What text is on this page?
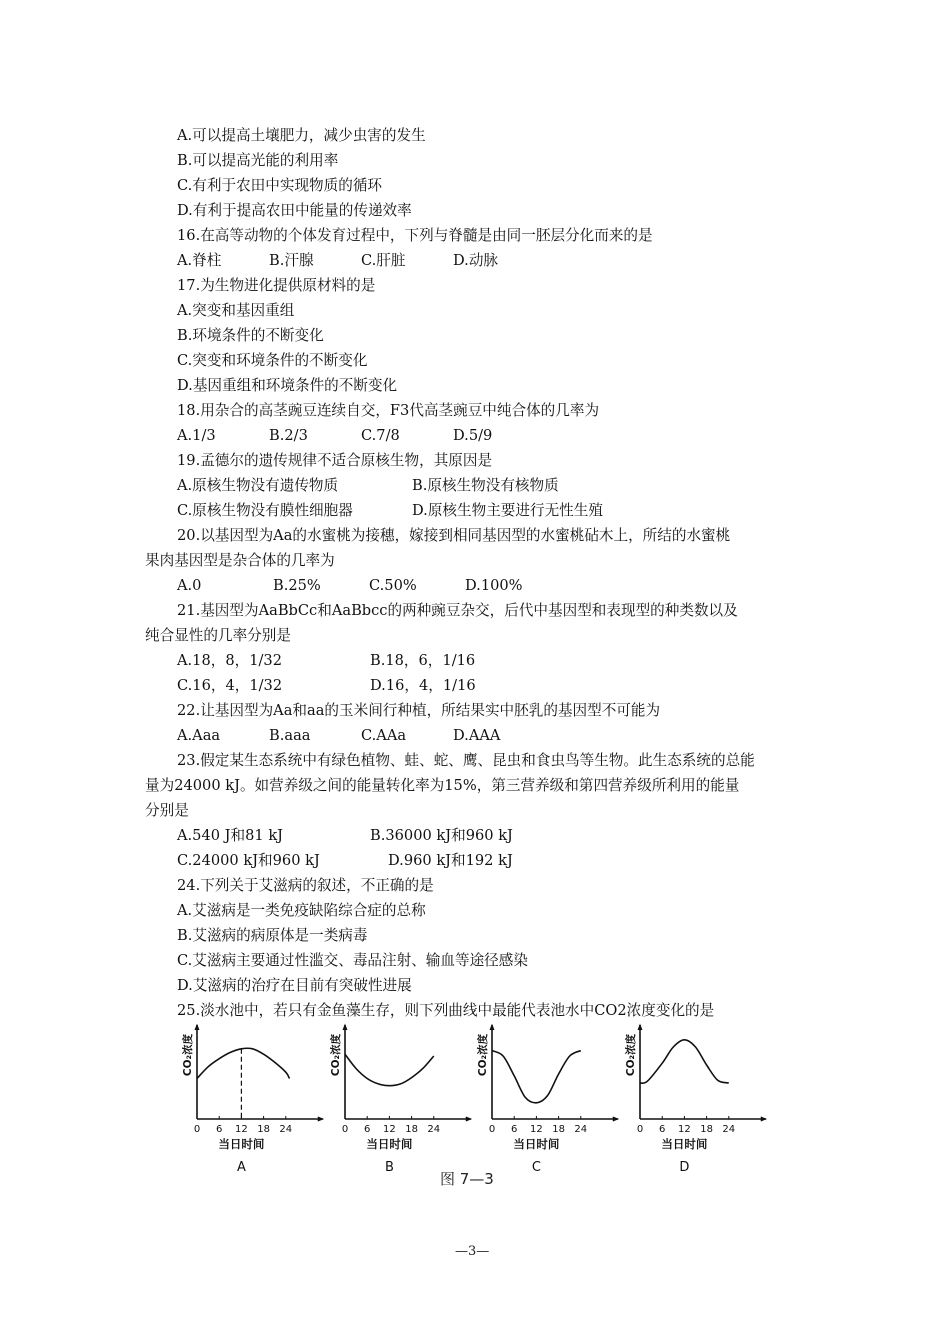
A.可以提高土壤肥力，减少虫害的发生
B.可以提高光能的利用率
C.有利于农田中实现物质的循环
D.有利于提高农田中能量的传递效率
16.在高等动物的个体发育过程中，下列与脊髓是由同一胚层分化而来的是
A.脊柱	B.汗腺	C.肝脏	D.动脉
17.为生物进化提供原材料的是
A.突变和基因重组
B.环境条件的不断变化
C.突变和环境条件的不断变化
D.基因重组和环境条件的不断变化
18.用杂合的高茎豌豆连续自交，F3代高茎豌豆中纯合体的几率为
A.1/3	B.2/3	C.7/8	D.5/9
19.孟德尔的遗传规律不适合原核生物，其原因是
A.原核生物没有遗传物质	B.原核生物没有核物质
C.原核生物没有膜性细胞器	D.原核生物主要进行无性生殖
20.以基因型为Aa的水蜜桃为接穗，嫁接到相同基因型的水蜜桃砧木上，所结的水蜜桃
果肉基因型是杂合体的几率为
A.0	B.25%	C.50%	D.100%
21.基因型为AaBbCc和AaBbcc的两种豌豆杂交，后代中基因型和表现型的种类数以及
纯合显性的几率分别是
A.18，8，1/32	B.18，6，1/16
C.16，4，1/32	D.16，4，1/16
22.让基因型为Aa和aa的玉米间行种植，所结果实中胚乳的基因型不可能为
A.Aaa	B.aaa	C.AAa	D.AAA
23.假定某生态系统中有绿色植物、蛙、蛇、鹰、昆虫和食虫鸟等生物。此生态系统的总能
量为24000 kJ。如营养级之间的能量转化率为15%，第三营养级和第四营养级所利用的能量
分别是
A.540 J和81 kJ	B.36000 kJ和960 kJ
C.24000 kJ和960 kJ	D.960 kJ和192 kJ
24.下列关于艾滋病的叙述，不正确的是
A.艾滋病是一类免疫缺陷综合症的总称
B.艾滋病的病原体是一类病毒
C.艾滋病主要通过性滥交、毒品注射、输血等途径感染
D.艾滋病的治疗在目前有突破性进展
25.淡水池中，若只有金鱼藻生存，则下列曲线中最能代表池水中CO2浓度变化的是
0 6 12 18 24
当日时间
CO₂浓度
A
0 6 12 18 24
当日时间
CO₂浓度
B
0 6 12 18 24
当日时间
CO₂浓度
C
0 6 12 18 24
当日时间
CO₂浓度
D
图 7—3
—3—
